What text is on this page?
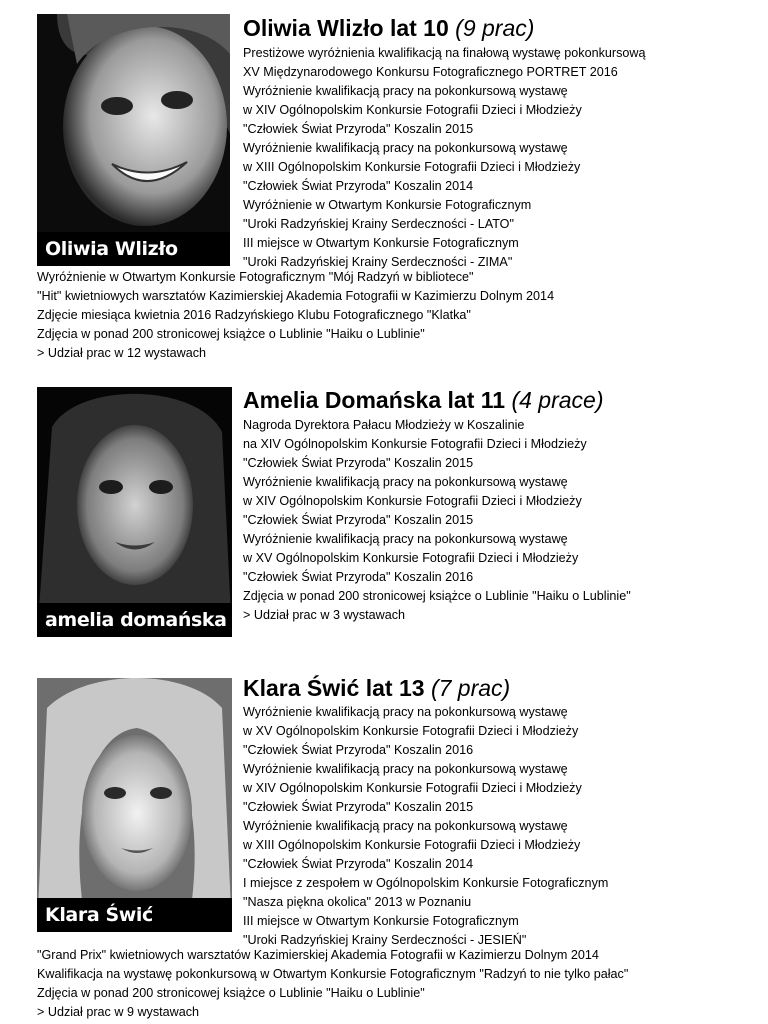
Oliwia Wlizło
Oliwia Wlizło lat 10 (9 prac)
Prestiżowe wyróżnienia kwalifikacją na finałową wystawę pokonkursową
XV Międzynarodowego Konkursu Fotograficznego PORTRET 2016
Wyróżnienie kwalifikacją pracy na pokonkursową wystawę
w XIV Ogólnopolskim Konkursie Fotografii Dzieci i Młodzieży
"Człowiek Świat Przyroda" Koszalin 2015
Wyróżnienie kwalifikacją pracy na pokonkursową wystawę
w XIII Ogólnopolskim Konkursie Fotografii Dzieci i Młodzieży
"Człowiek Świat Przyroda" Koszalin 2014
Wyróżnienie w Otwartym Konkursie Fotograficznym
"Uroki Radzyńskiej Krainy Serdeczności - LATO"
III miejsce w Otwartym Konkursie Fotograficznym
"Uroki Radzyńskiej Krainy Serdeczności - ZIMA"
Wyróżnienie w Otwartym Konkursie Fotograficznym "Mój Radzyń w bibliotece"
"Hit" kwietniowych warsztatów Kazimierskiej Akademia Fotografii w Kazimierzu Dolnym 2014
Zdjęcie miesiąca kwietnia 2016 Radzyńskiego Klubu Fotograficznego "Klatka"
Zdjęcia w ponad 200 stronicowej książce o Lublinie "Haiku o Lublinie"
> Udział prac w 12 wystawach
amelia domańska
Amelia Domańska lat 11 (4 prace)
Nagroda Dyrektora Pałacu Młodzieży w Koszalinie
na XIV Ogólnopolskim Konkursie Fotografii Dzieci i Młodzieży
"Człowiek Świat Przyroda" Koszalin 2015
Wyróżnienie kwalifikacją pracy na pokonkursową wystawę
w XIV Ogólnopolskim Konkursie Fotografii Dzieci i Młodzieży
"Człowiek Świat Przyroda" Koszalin 2015
Wyróżnienie kwalifikacją pracy na pokonkursową wystawę
w XV Ogólnopolskim Konkursie Fotografii Dzieci i Młodzieży
"Człowiek Świat Przyroda" Koszalin 2016
Zdjęcia w ponad 200 stronicowej książce o Lublinie "Haiku o Lublinie"
> Udział prac w 3 wystawach
Klara Świć
Klara Świć lat 13 (7 prac)
Wyróżnienie kwalifikacją pracy na pokonkursową wystawę
w XV Ogólnopolskim Konkursie Fotografii Dzieci i Młodzieży
"Człowiek Świat Przyroda" Koszalin 2016
Wyróżnienie kwalifikacją pracy na pokonkursową wystawę
w XIV Ogólnopolskim Konkursie Fotografii Dzieci i Młodzieży
"Człowiek Świat Przyroda" Koszalin 2015
Wyróżnienie kwalifikacją pracy na pokonkursową wystawę
w XIII Ogólnopolskim Konkursie Fotografii Dzieci i Młodzieży
"Człowiek Świat Przyroda" Koszalin 2014
I miejsce z zespołem w Ogólnopolskim Konkursie Fotograficznym
"Nasza piękna okolica" 2013 w Poznaniu
III miejsce w Otwartym Konkursie Fotograficznym
"Uroki Radzyńskiej Krainy Serdeczności - JESIEŃ"
"Grand Prix" kwietniowych warsztatów Kazimierskiej Akademia Fotografii w Kazimierzu Dolnym 2014
Kwalifikacja na wystawę pokonkursową w Otwartym Konkursie Fotograficznym "Radzyń to nie tylko pałac"
Zdjęcia w ponad 200 stronicowej książce o Lublinie "Haiku o Lublinie"
> Udział prac w 9 wystawach
